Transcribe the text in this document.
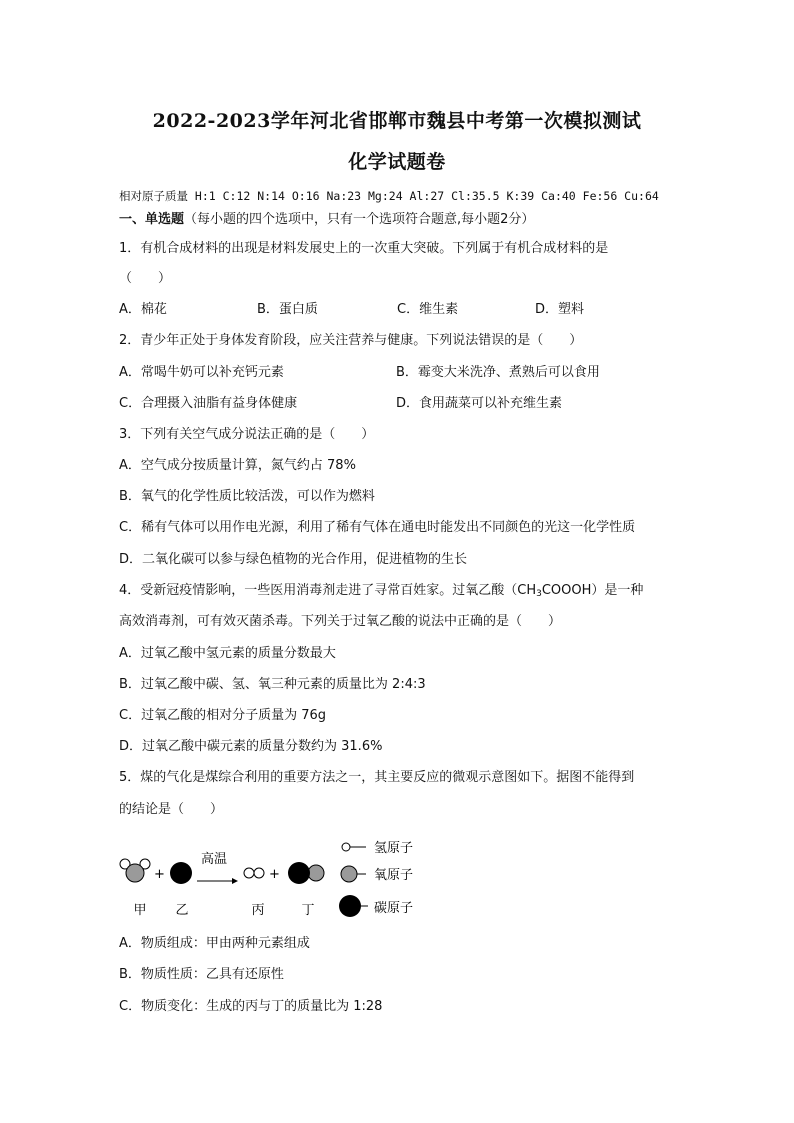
2022-2023学年河北省邯郸市魏县中考第一次模拟测试
化学试题卷
相对原子质量 H:1 C:12 N:14 O:16 Na:23 Mg:24 Al:27 Cl:35.5 K:39 Ca:40 Fe:56 Cu:64
一、单选题（每小题的四个选项中，只有一个选项符合题意,每小题2分）
1．有机合成材料的出现是材料发展史上的一次重大突破。下列属于有机合成材料的是
（　　）
A．棉花	B．蛋白质	C．维生素	D．塑料
2．青少年正处于身体发育阶段，应关注营养与健康。下列说法错误的是（　　）
A．常喝牛奶可以补充钙元素	B．霉变大米洗净、煮熟后可以食用
C．合理摄入油脂有益身体健康	D．食用蔬菜可以补充维生素
3．下列有关空气成分说法正确的是（　　）
A．空气成分按质量计算，氮气约占 78%
B．氧气的化学性质比较活泼，可以作为燃料
C．稀有气体可以用作电光源，利用了稀有气体在通电时能发出不同颜色的光这一化学性质
D．二氧化碳可以参与绿色植物的光合作用，促进植物的生长
4．受新冠疫情影响，一些医用消毒剂走进了寻常百姓家。过氧乙酸$(CH_3COOOH)$是一种
高效消毒剂，可有效灭菌杀毒。下列关于过氧乙酸的说法中正确的是（　　）
A．过氧乙酸中氢元素的质量分数最大
B．过氧乙酸中碳、氢、氧三种元素的质量比为 2:4:3
C．过氧乙酸的相对分子质量为 76g
D．过氧乙酸中碳元素的质量分数约为 31.6%
5．煤的气化是煤综合利用的重要方法之一，其主要反应的微观示意图如下。据图不能得到
的结论是（　　）
+
高温
+
甲 乙	丙	丁
氢原子
氧原子
碳原子
A．物质组成：甲由两种元素组成
B．物质性质：乙具有还原性
C．物质变化：生成的丙与丁的质量比为 1:28
